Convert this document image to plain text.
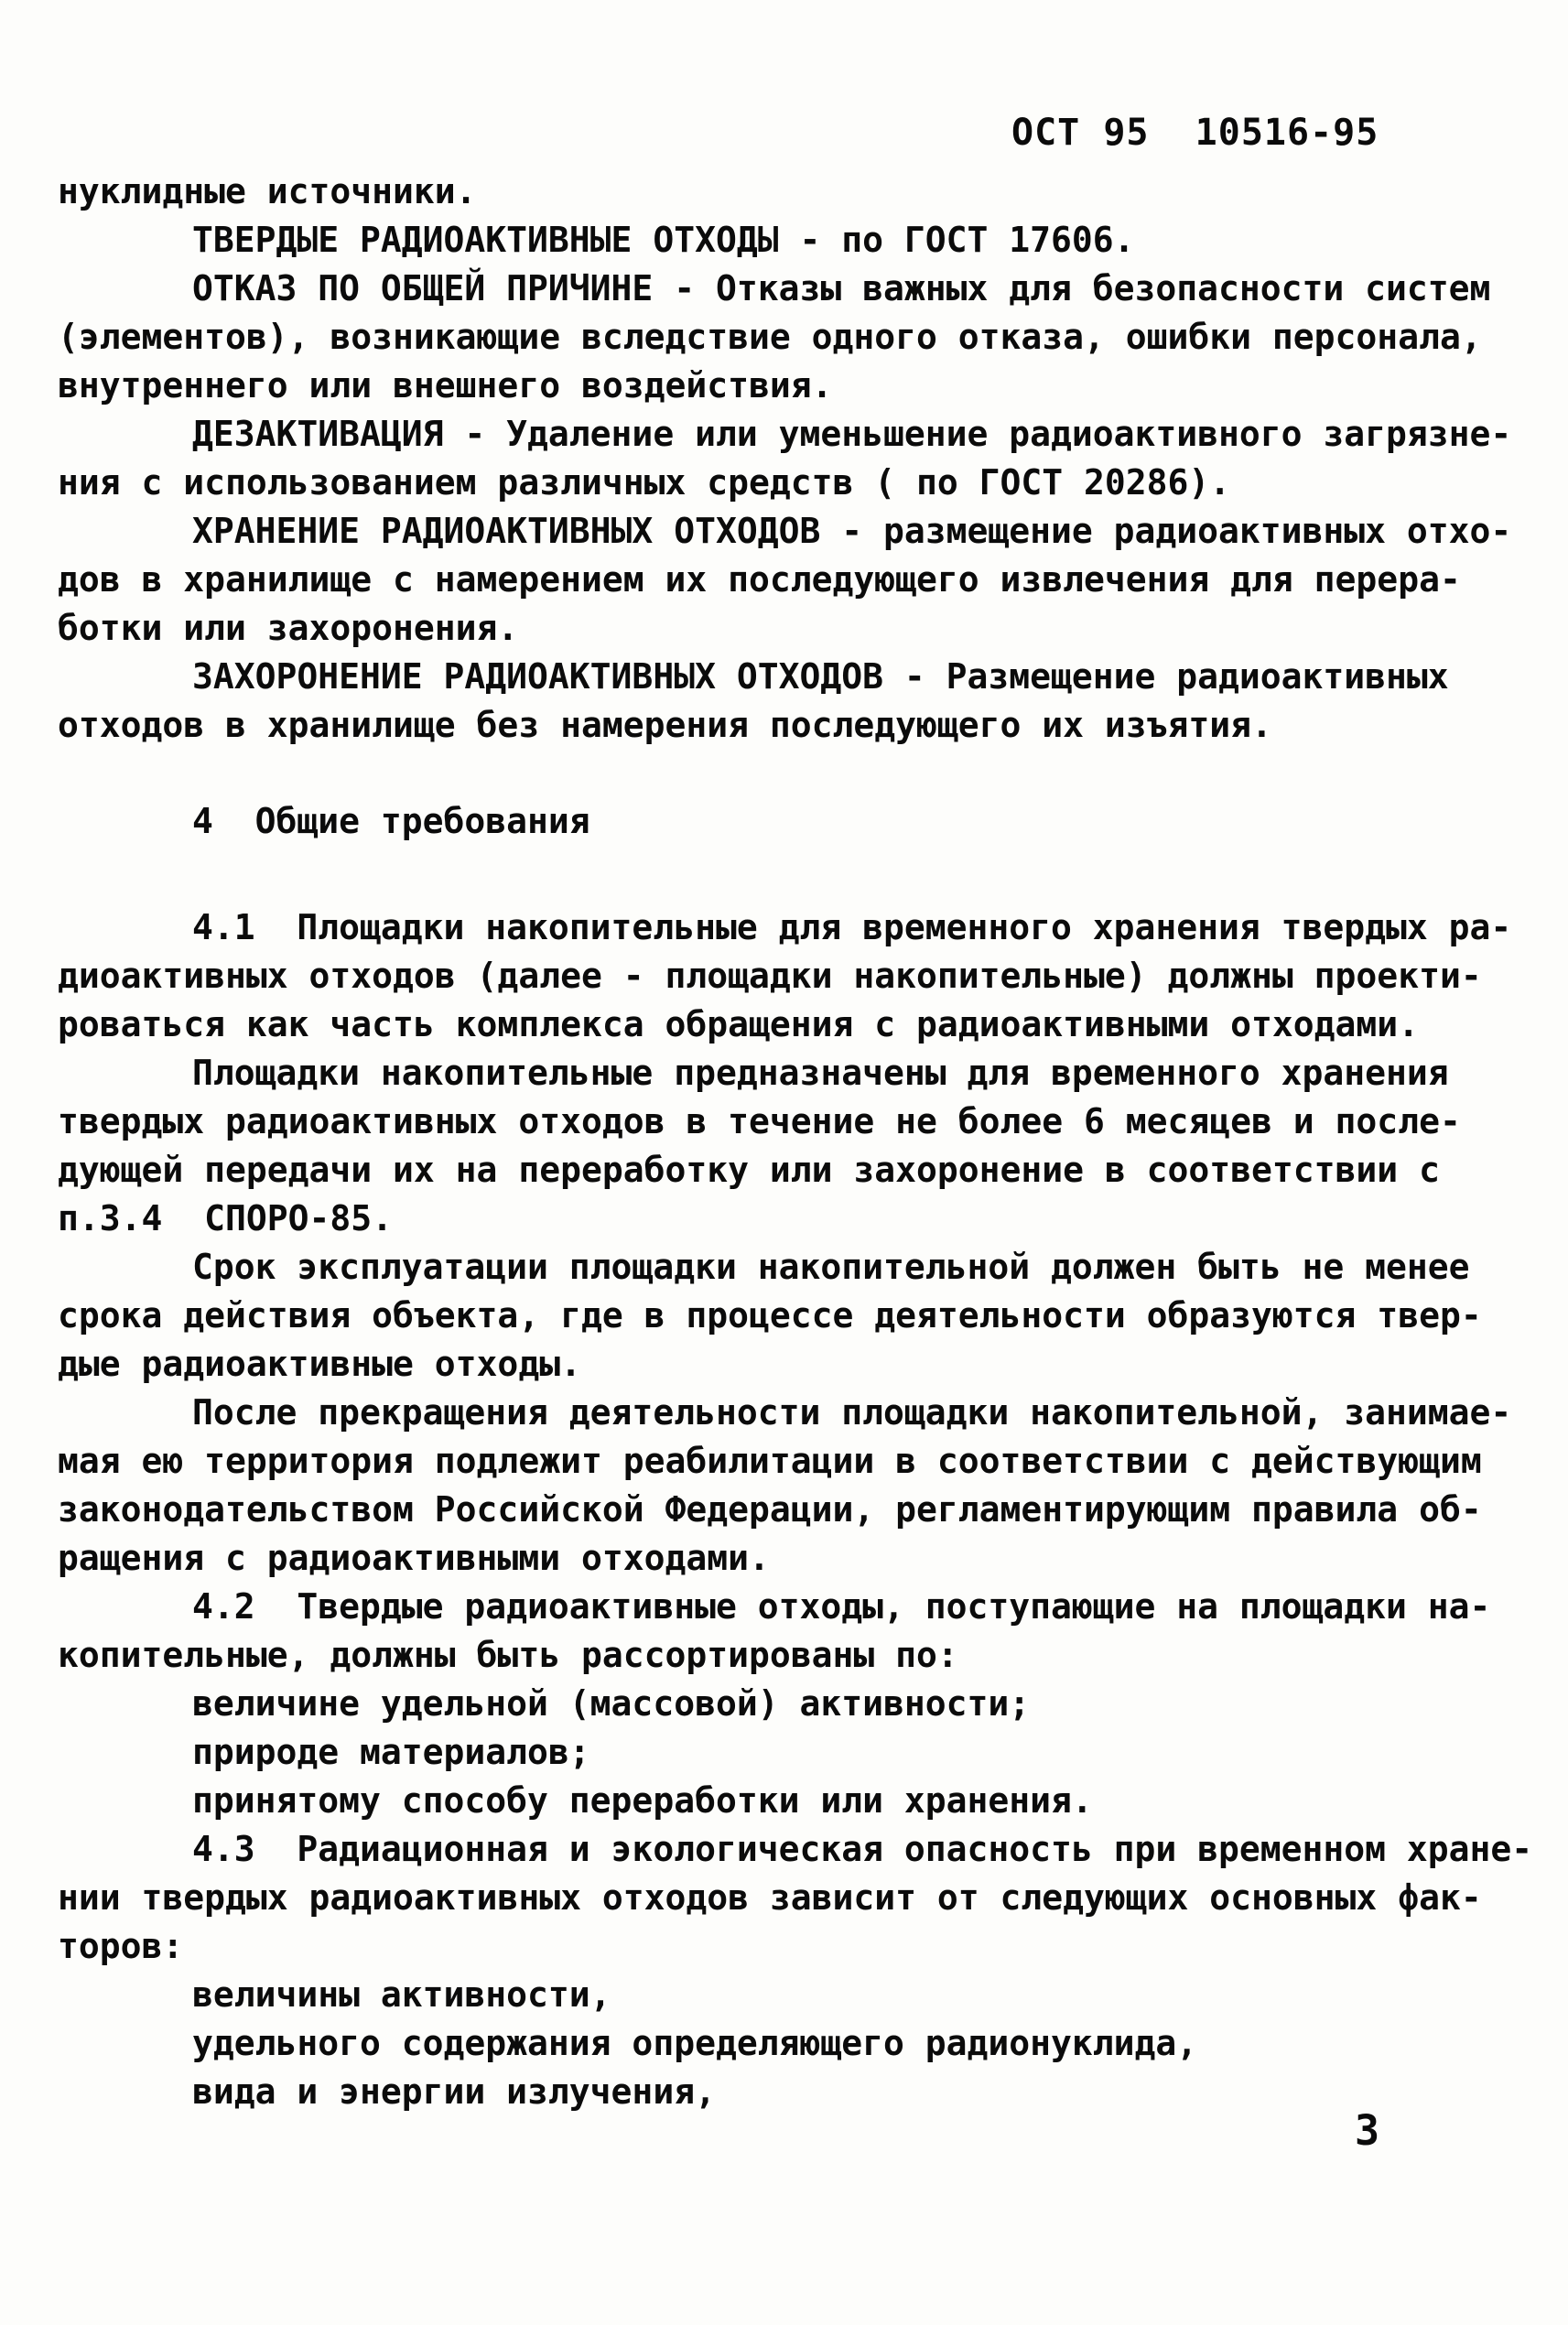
ОСТ 95  10516-95
нуклидные источники.
ТВЕРДЫЕ РАДИОАКТИВНЫЕ ОТХОДЫ - по ГОСТ 17606.
ОТКАЗ ПО ОБЩЕЙ ПРИЧИНЕ - Отказы важных для безопасности систем
(элементов), возникающие вследствие одного отказа, ошибки персонала,
внутреннего или внешнего воздействия.
ДЕЗАКТИВАЦИЯ - Удаление или уменьшение радиоактивного загрязне-
ния с использованием различных средств ( по ГОСТ 20286).
ХРАНЕНИЕ РАДИОАКТИВНЫХ ОТХОДОВ - размещение радиоактивных отхо-
дов в хранилище с намерением их последующего извлечения для перера-
ботки или захоронения.
ЗАХОРОНЕНИЕ РАДИОАКТИВНЫХ ОТХОДОВ - Размещение радиоактивных
отходов в хранилище без намерения последующего их изъятия.
4  Общие требования
4.1  Площадки накопительные для временного хранения твердых ра-
диоактивных отходов (далее - площадки накопительные) должны проекти-
роваться как часть комплекса обращения с радиоактивными отходами.
Площадки накопительные предназначены для временного хранения
твердых радиоактивных отходов в течение не более 6 месяцев и после-
дующей передачи их на переработку или захоронение в соответствии с
п.3.4  СПОРО-85.
Срок эксплуатации площадки накопительной должен быть не менее
срока действия объекта, где в процессе деятельности образуются твер-
дые радиоактивные отходы.
После прекращения деятельности площадки накопительной, занимае-
мая ею территория подлежит реабилитации в соответствии с действующим
законодательством Российской Федерации, регламентирующим правила об-
ращения с радиоактивными отходами.
4.2  Твердые радиоактивные отходы, поступающие на площадки на-
копительные, должны быть рассортированы по:
величине удельной (массовой) активности;
природе материалов;
принятому способу переработки или хранения.
4.3  Радиационная и экологическая опасность при временном хране-
нии твердых радиоактивных отходов зависит от следующих основных фак-
торов:
величины активности,
удельного содержания определяющего радионуклида,
вида и энергии излучения,
3
